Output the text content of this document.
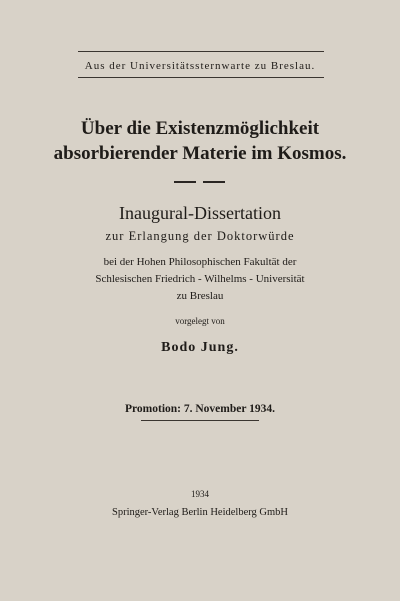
Aus der Universitätssternwarte zu Breslau.
Über die Existenzmöglichkeit
absorbierender Materie im Kosmos.
Inaugural-Dissertation
zur Erlangung der Doktorwürde
bei der Hohen Philosophischen Fakultät der
Schlesischen Friedrich - Wilhelms - Universität
zu Breslau
vorgelegt von
Bodo Jung.
Promotion: 7. November 1934.
1934
Springer-Verlag Berlin Heidelberg GmbH
